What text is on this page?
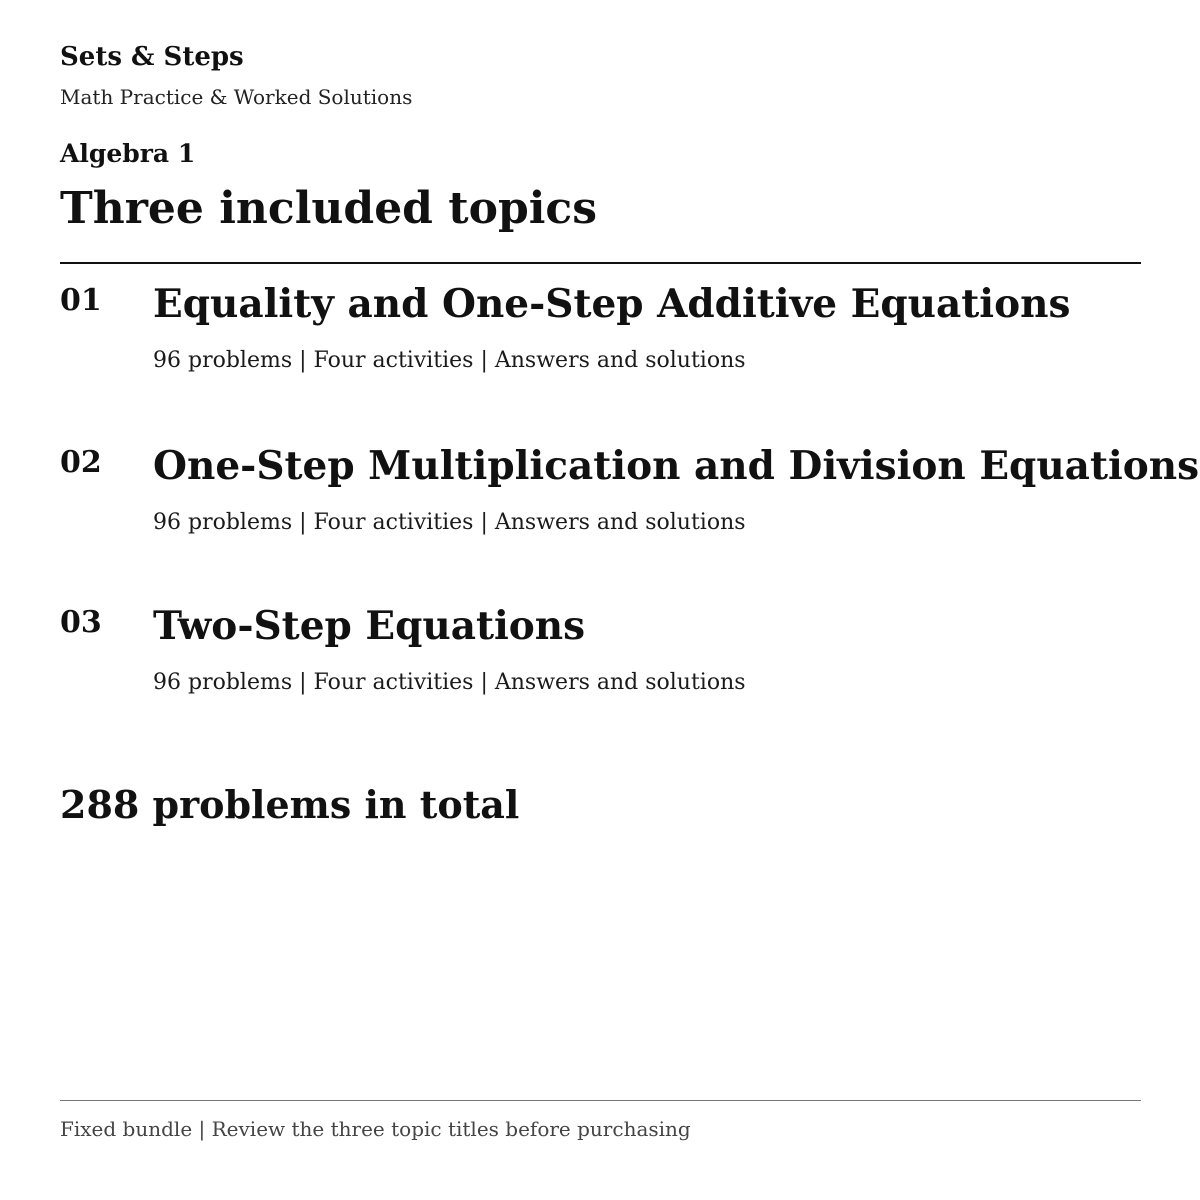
Sets & Steps
Math Practice & Worked Solutions
Algebra 1
Three included topics
01 Equality and One-Step Additive Equations
96 problems | Four activities | Answers and solutions
02 One-Step Multiplication and Division Equations
96 problems | Four activities | Answers and solutions
03 Two-Step Equations
96 problems | Four activities | Answers and solutions
288 problems in total
Fixed bundle | Review the three topic titles before purchasing
